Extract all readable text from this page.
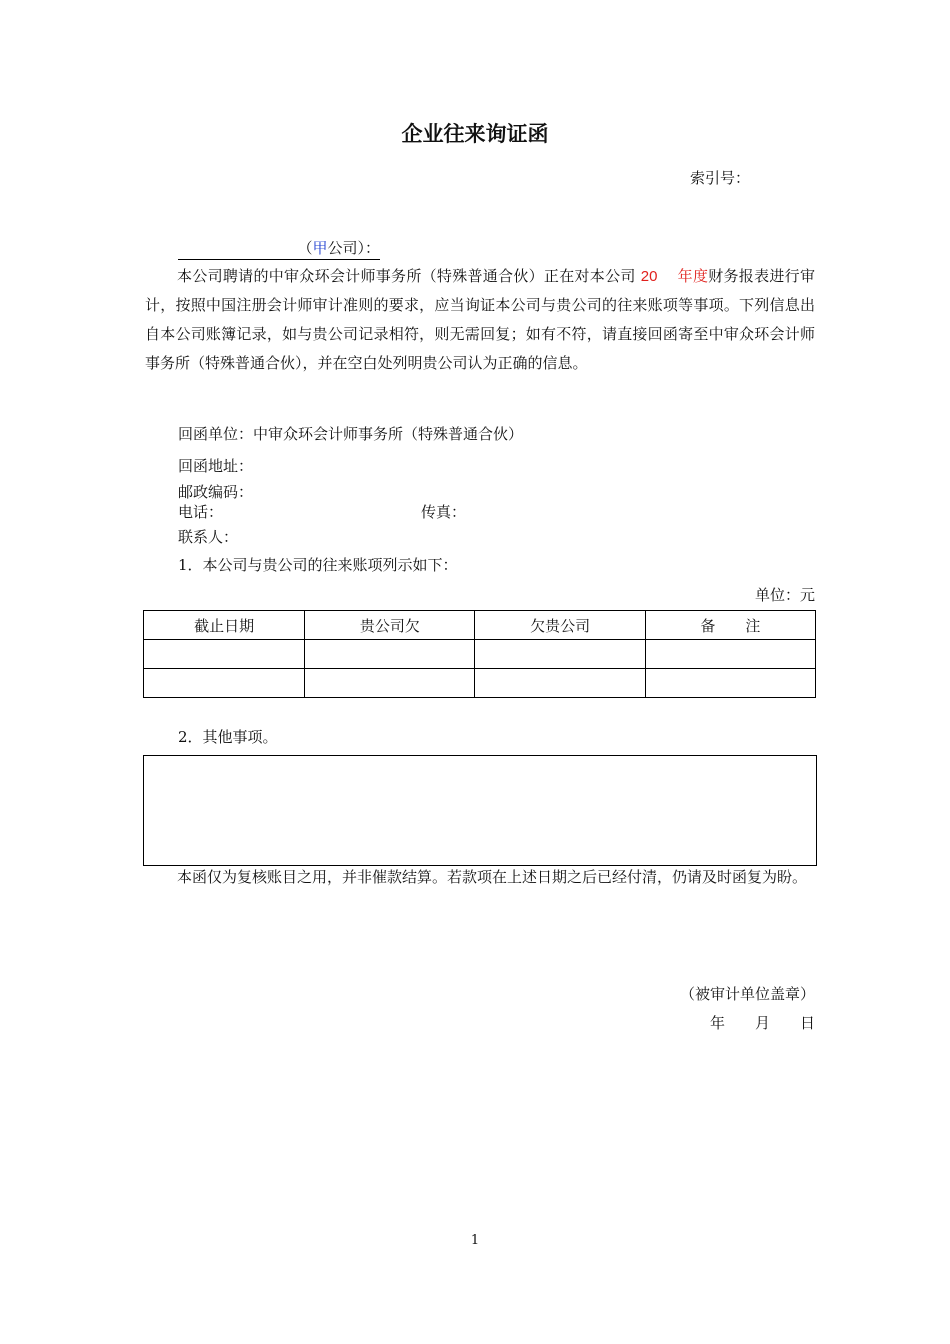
企业往来询证函
索引号：
（甲公司）：
本公司聘请的中审众环会计师事务所（特殊普通合伙）正在对本公司 20 年度财务报表进行审计，按照中国注册会计师审计准则的要求，应当询证本公司与贵公司的往来账项等事项。下列信息出自本公司账簿记录，如与贵公司记录相符，则无需回复；如有不符，请直接回函寄至中审众环会计师事务所（特殊普通合伙），并在空白处列明贵公司认为正确的信息。
回函单位：中审众环会计师事务所（特殊普通合伙）
回函地址：
邮政编码：
电话：	传真：
联系人：
1．本公司与贵公司的往来账项列示如下：
单位：元
截止日期	贵公司欠	欠贵公司	备　　注

2．其他事项。
本函仅为复核账目之用，并非催款结算。若款项在上述日期之后已经付清，仍请及时函复为盼。
（被审计单位盖章）
年　　月　　日
1
